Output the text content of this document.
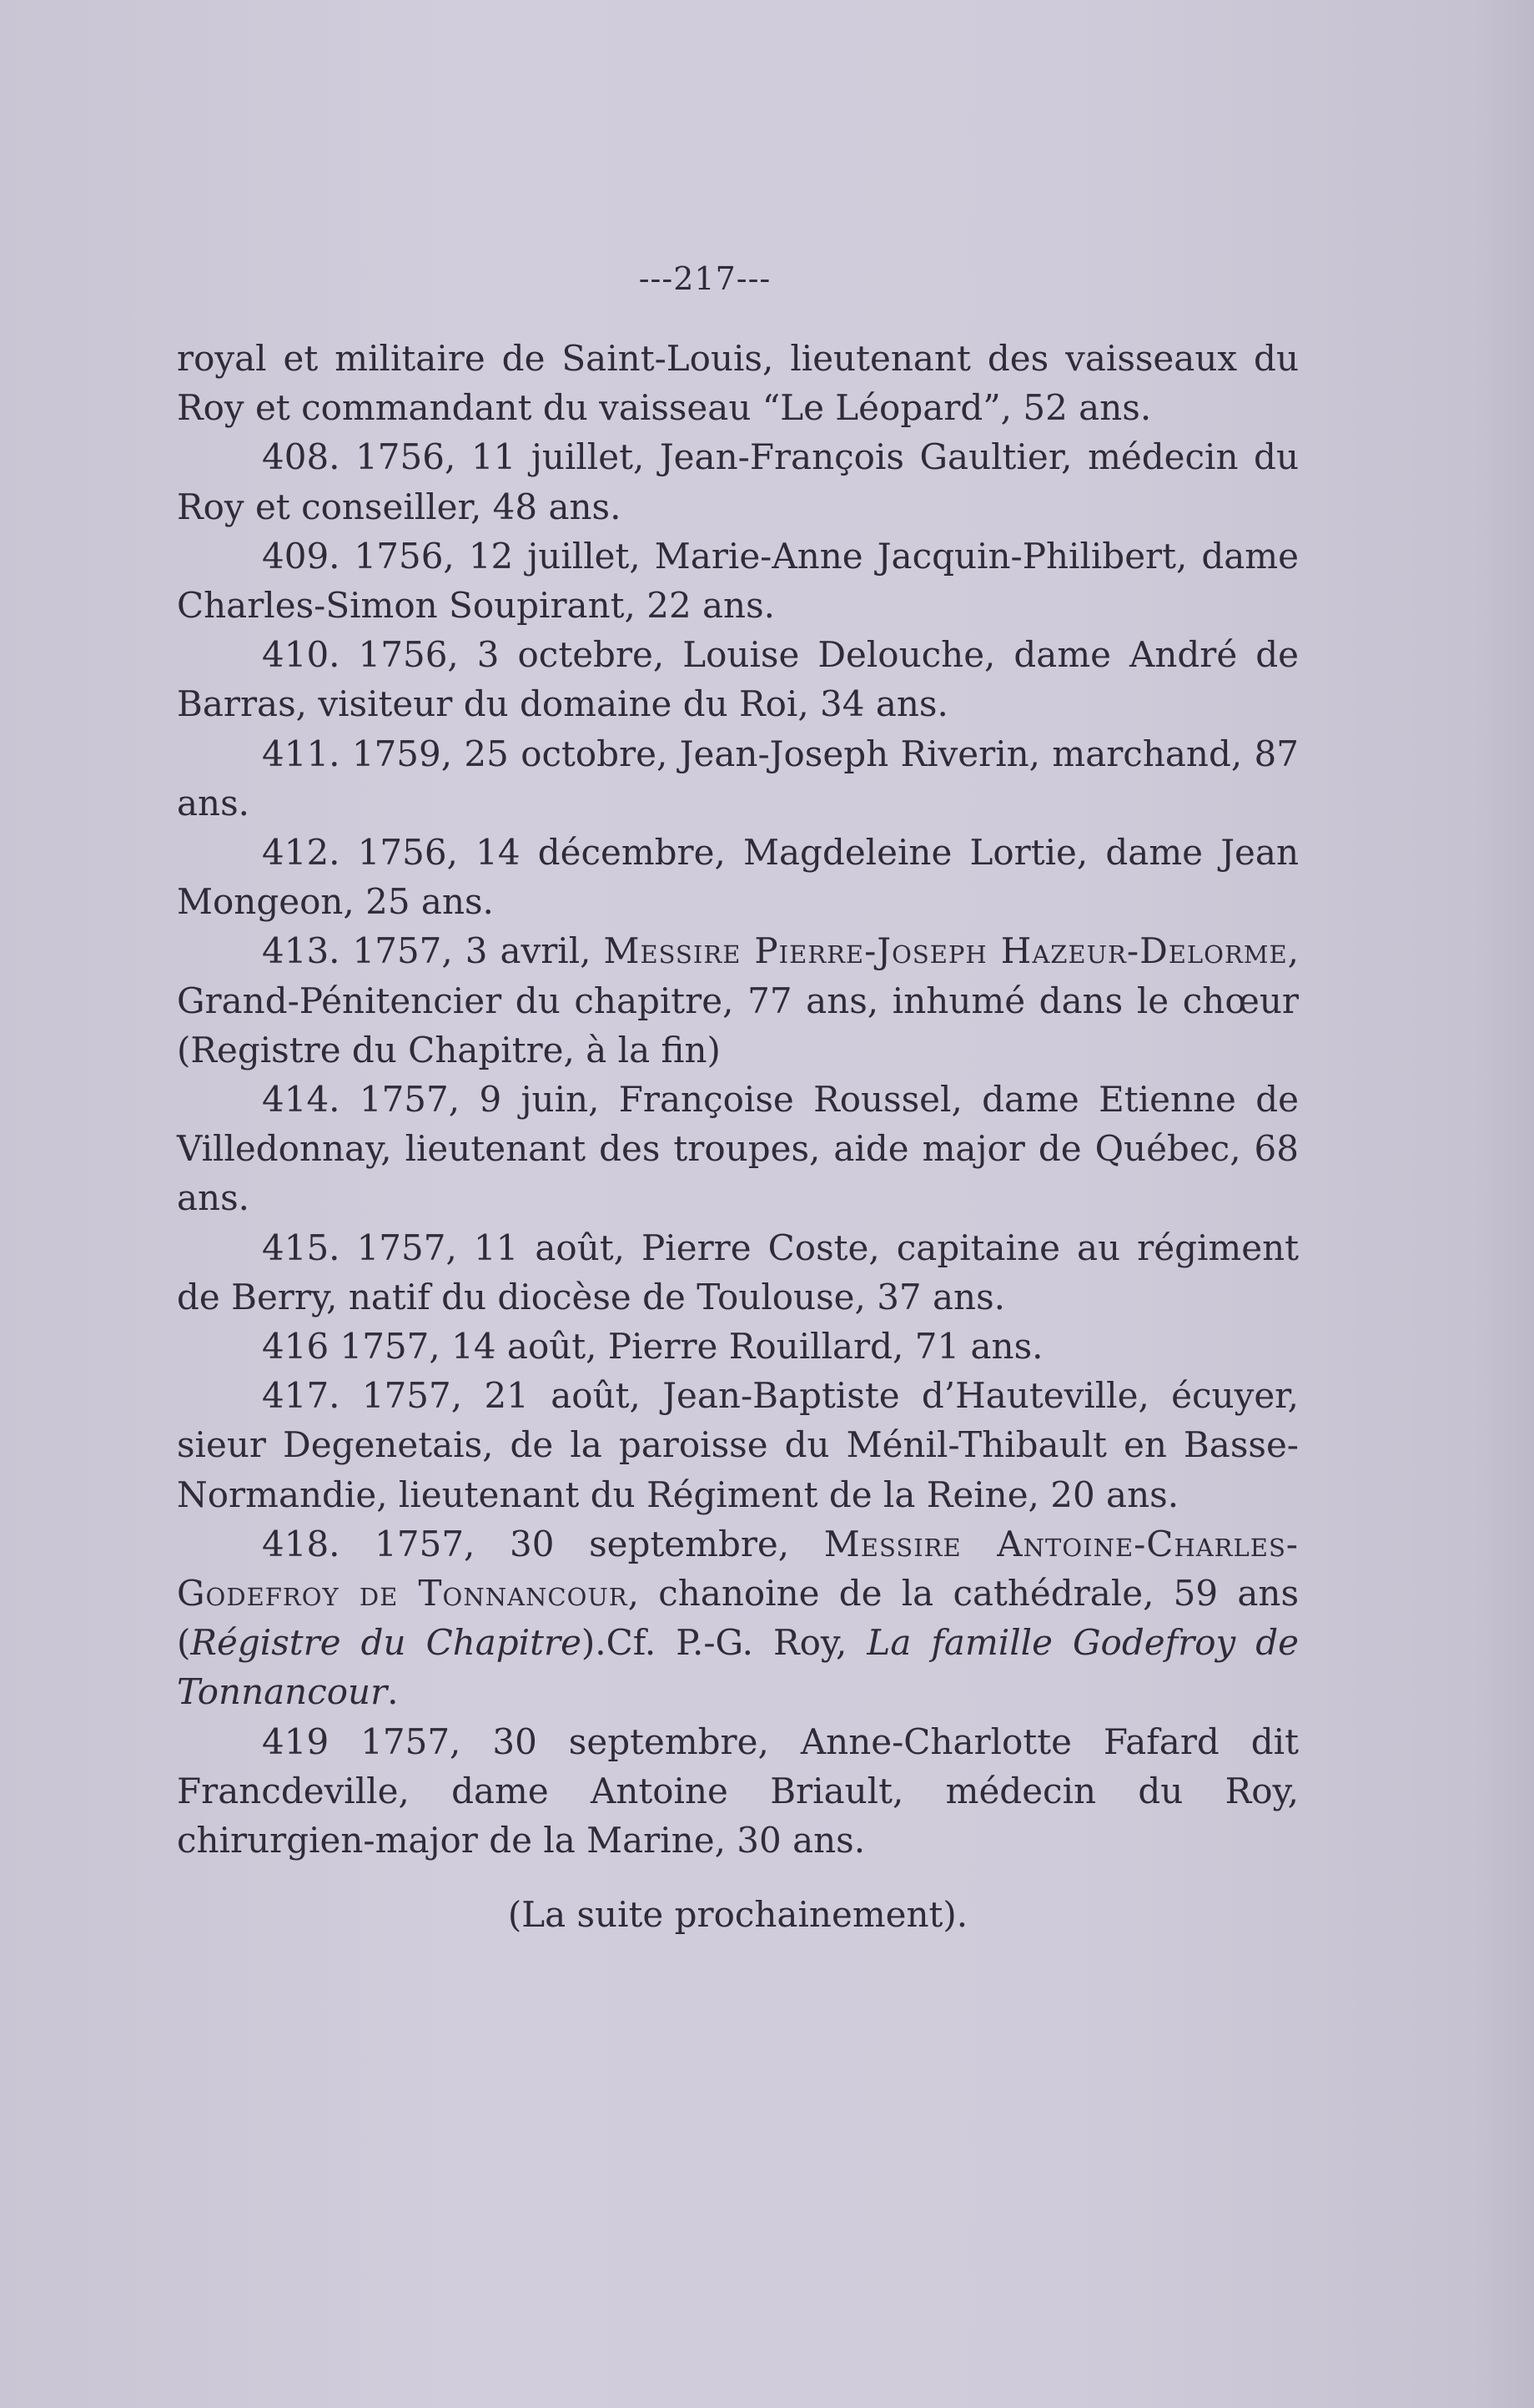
---217---

royal et militaire de Saint-Louis, lieutenant des vaisseaux du Roy et commandant du vaisseau “Le Léopard”, 52 ans.

408. 1756, 11 juillet, Jean-François Gaultier, médecin du Roy et conseiller, 48 ans.

409. 1756, 12 juillet, Marie-Anne Jacquin-Philibert, dame Charles-Simon Soupirant, 22 ans.

410. 1756, 3 octebre, Louise Delouche, dame André de Barras, visiteur du domaine du Roi, 34 ans.

411. 1759, 25 octobre, Jean-Joseph Riverin, marchand, 87 ans.

412. 1756, 14 décembre, Magdeleine Lortie, dame Jean Mongeon, 25 ans.

413. 1757, 3 avril, Messire Pierre-Joseph Hazeur-Delorme, Grand-Pénitencier du chapitre, 77 ans, inhumé dans le chœur (Registre du Chapitre, à la fin)

414. 1757, 9 juin, Françoise Roussel, dame Etienne de Villedonnay, lieutenant des troupes, aide major de Québec, 68 ans.

415. 1757, 11 août, Pierre Coste, capitaine au régiment de Berry, natif du diocèse de Toulouse, 37 ans.

416 1757, 14 août, Pierre Rouillard, 71 ans.

417. 1757, 21 août, Jean-Baptiste d’Hauteville, écuyer, sieur Degenetais, de la paroisse du Ménil-Thibault en Basse-Normandie, lieutenant du Régiment de la Reine, 20 ans.

418. 1757, 30 septembre, Messire Antoine-Charles-Godefroy de Tonnancour, chanoine de la cathédrale, 59 ans (Régistre du Chapitre).Cf. P.-G. Roy, La famille Godefroy de Tonnancour.

419 1757, 30 septembre, Anne-Charlotte Fafard dit Francdeville, dame Antoine Briault, médecin du Roy, chirurgien-major de la Marine, 30 ans.

(La suite prochainement).
